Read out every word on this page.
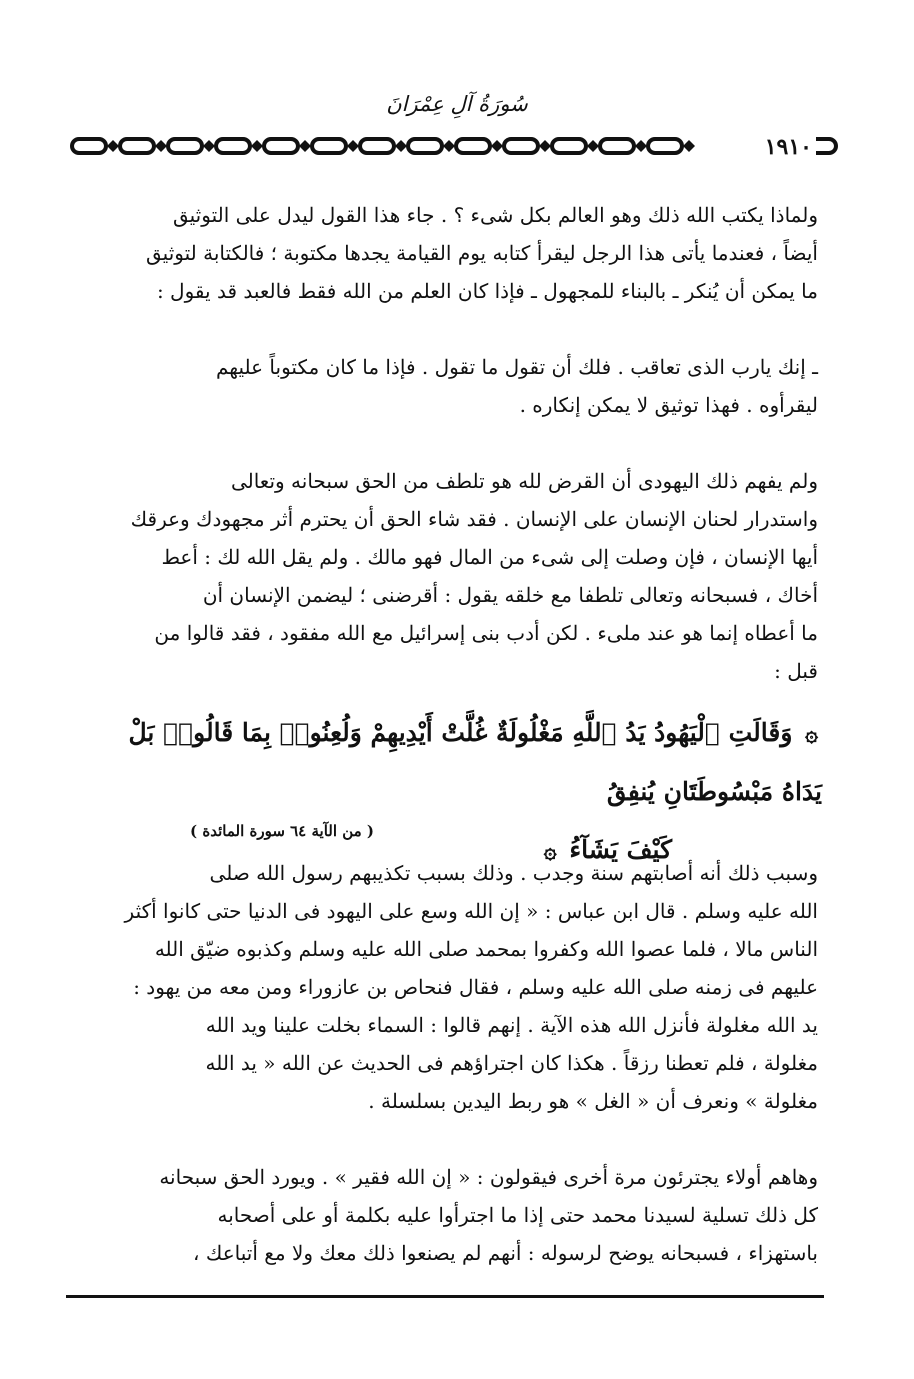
سُورَةُ آلِ عِمْرَانَ
١٩١٠

ولماذا يكتب الله ذلك وهو العالم بكل شىء ؟ . جاء هذا القول ليدل على التوثيق

أيضاً ، فعندما يأتى هذا الرجل ليقرأ كتابه يوم القيامة يجدها مكتوبة ؛ فالكتابة لتوثيق

ما يمكن أن يُنكر ـ بالبناء للمجهول ـ فإذا كان العلم من الله فقط فالعبد قد يقول :

ـ إنك يارب الذى تعاقب . فلك أن تقول ما تقول . فإذا ما كان مكتوباً عليهم

ليقرأوه . فهذا توثيق لا يمكن إنكاره .

ولم يفهم ذلك اليهودى أن القرض لله هو تلطف من الحق سبحانه وتعالى

واستدرار لحنان الإنسان على الإنسان . فقد شاء الحق أن يحترم أثر مجهودك وعرقك

أيها الإنسان ، فإن وصلت إلى شىء من المال فهو مالك . ولم يقل الله لك : أعط

أخاك ، فسبحانه وتعالى تلطفا مع خلقه يقول : أقرضنى ؛ ليضمن الإنسان أن

ما أعطاه إنما هو عند ملىء . لكن أدب بنى إسرائيل مع الله مفقود ، فقد قالوا من

قبل :

۞ وَقَالَتِ ٱلْيَهُودُ يَدُ ٱللَّهِ مَغْلُولَةٌ غُلَّتْ أَيْدِيهِمْ وَلُعِنُوا۟ بِمَا قَالُوا۟ بَلْ يَدَاهُ مَبْسُوطَتَانِ يُنفِقُ
كَيْفَ يَشَآءُ ۞
( من الآية ٦٤ سورة المائدة )

وسبب ذلك أنه أصابتهم سنة وجدب . وذلك بسبب تكذيبهم رسول الله صلى

الله عليه وسلم . قال ابن عباس : « إن الله وسع على اليهود فى الدنيا حتى كانوا أكثر

الناس مالا ، فلما عصوا الله وكفروا بمحمد صلى الله عليه وسلم وكذبوه ضيّق الله

عليهم فى زمنه صلى الله عليه وسلم ، فقال فنحاص بن عازوراء ومن معه من يهود :

يد الله مغلولة فأنزل الله هذه الآية . إنهم قالوا : السماء بخلت علينا ويد الله

مغلولة ، فلم تعطنا رزقاً . هكذا كان اجتراؤهم فى الحديث عن الله « يد الله

مغلولة » ونعرف أن « الغل » هو ربط اليدين بسلسلة .

وهاهم أولاء يجترئون مرة أخرى فيقولون : « إن الله فقير » . ويورد الحق سبحانه

كل ذلك تسلية لسيدنا محمد حتى إذا ما اجترأوا عليه بكلمة أو على أصحابه

باستهزاء ، فسبحانه يوضح لرسوله : أنهم لم يصنعوا ذلك معك ولا مع أتباعك ،
